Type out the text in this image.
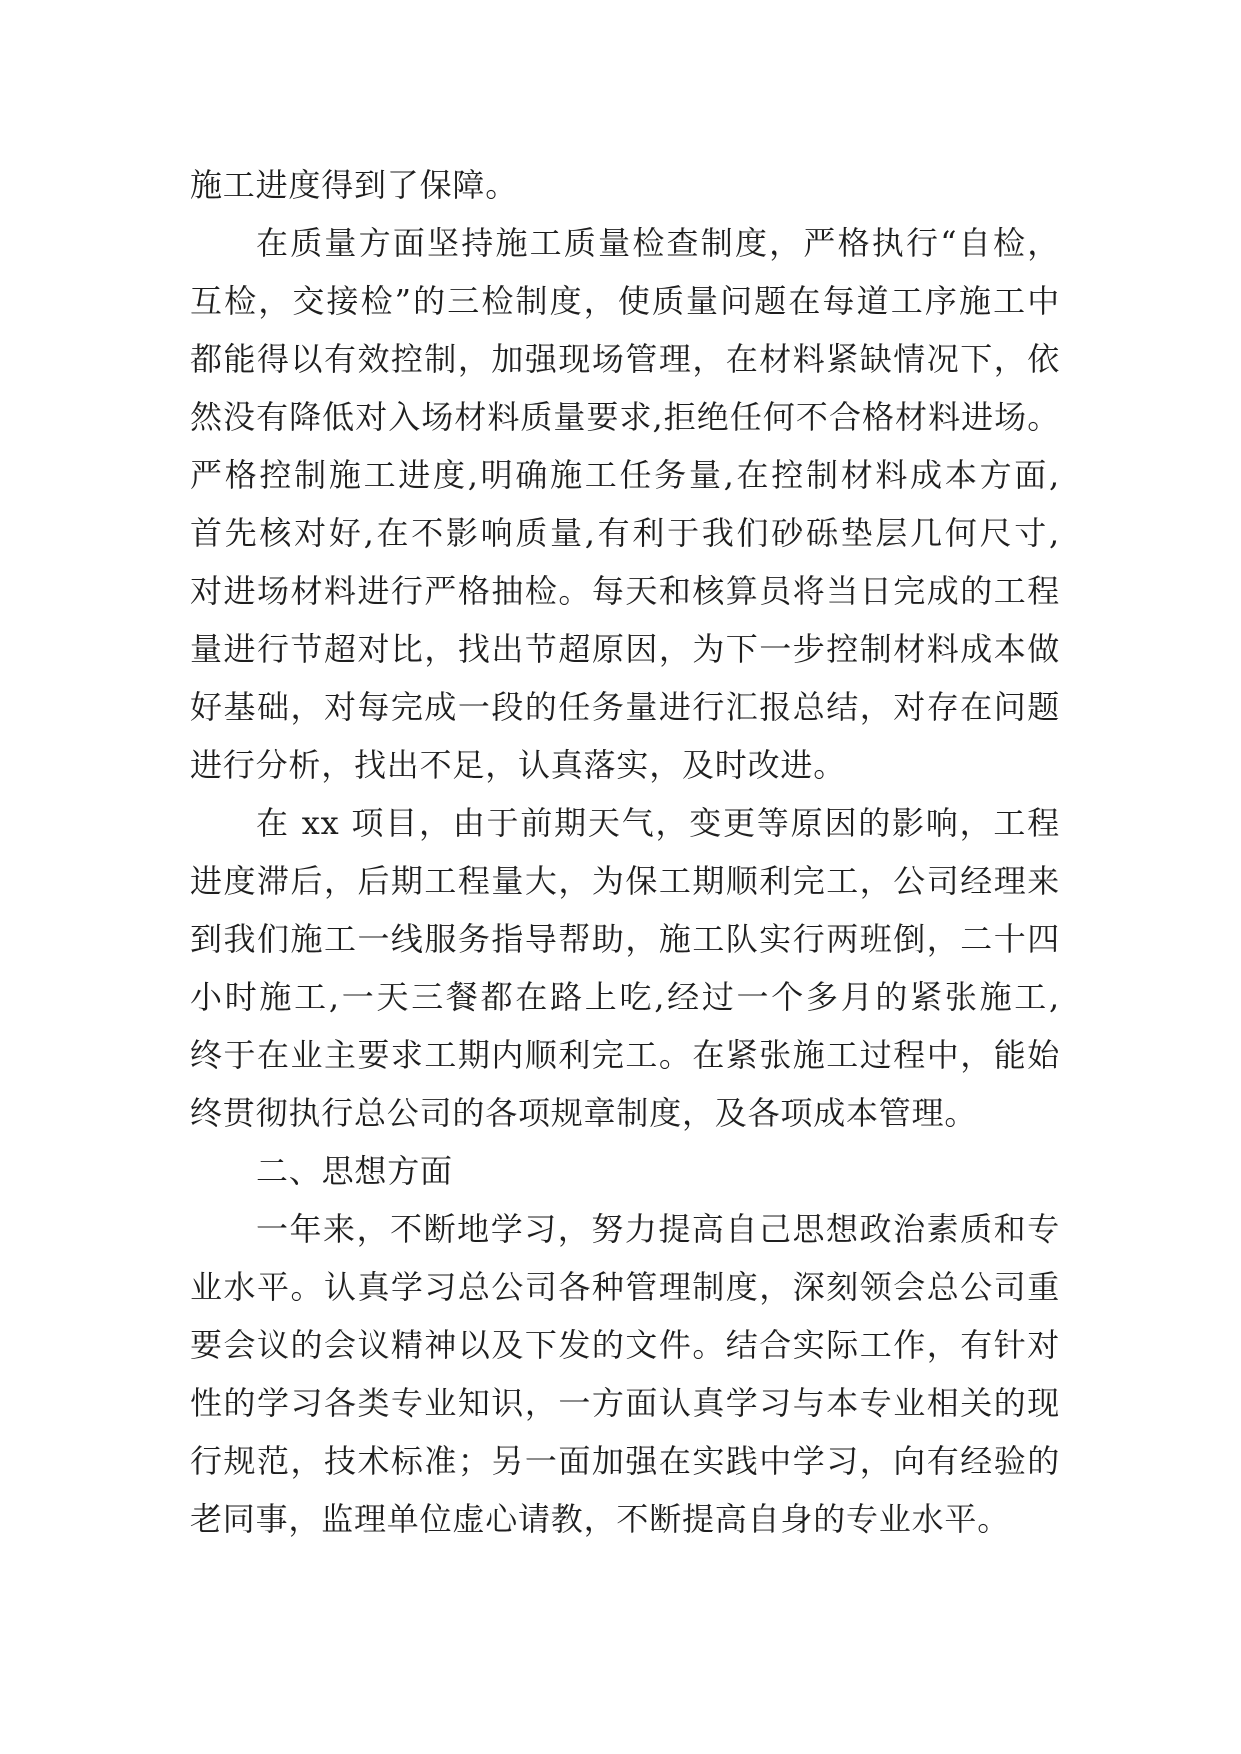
施工进度得到了保障。
在质量方面坚持施工质量检查制度，严格执行“自检，
互检，交接检”的三检制度，使质量问题在每道工序施工中
都能得以有效控制，加强现场管理，在材料紧缺情况下，依
然没有降低对入场材料质量要求,拒绝任何不合格材料进场。
严格控制施工进度,明确施工任务量,在控制材料成本方面,
首先核对好,在不影响质量,有利于我们砂砾垫层几何尺寸,
对进场材料进行严格抽检。每天和核算员将当日完成的工程
量进行节超对比，找出节超原因，为下一步控制材料成本做
好基础，对每完成一段的任务量进行汇报总结，对存在问题
进行分析，找出不足，认真落实，及时改进。
在 xx 项目，由于前期天气，变更等原因的影响，工程
进度滞后，后期工程量大，为保工期顺利完工，公司经理来
到我们施工一线服务指导帮助，施工队实行两班倒，二十四
小时施工,一天三餐都在路上吃,经过一个多月的紧张施工,
终于在业主要求工期内顺利完工。在紧张施工过程中，能始
终贯彻执行总公司的各项规章制度，及各项成本管理。
二、思想方面
一年来，不断地学习，努力提高自己思想政治素质和专
业水平。认真学习总公司各种管理制度，深刻领会总公司重
要会议的会议精神以及下发的文件。结合实际工作，有针对
性的学习各类专业知识，一方面认真学习与本专业相关的现
行规范，技术标准；另一面加强在实践中学习，向有经验的
老同事，监理单位虚心请教，不断提高自身的专业水平。
